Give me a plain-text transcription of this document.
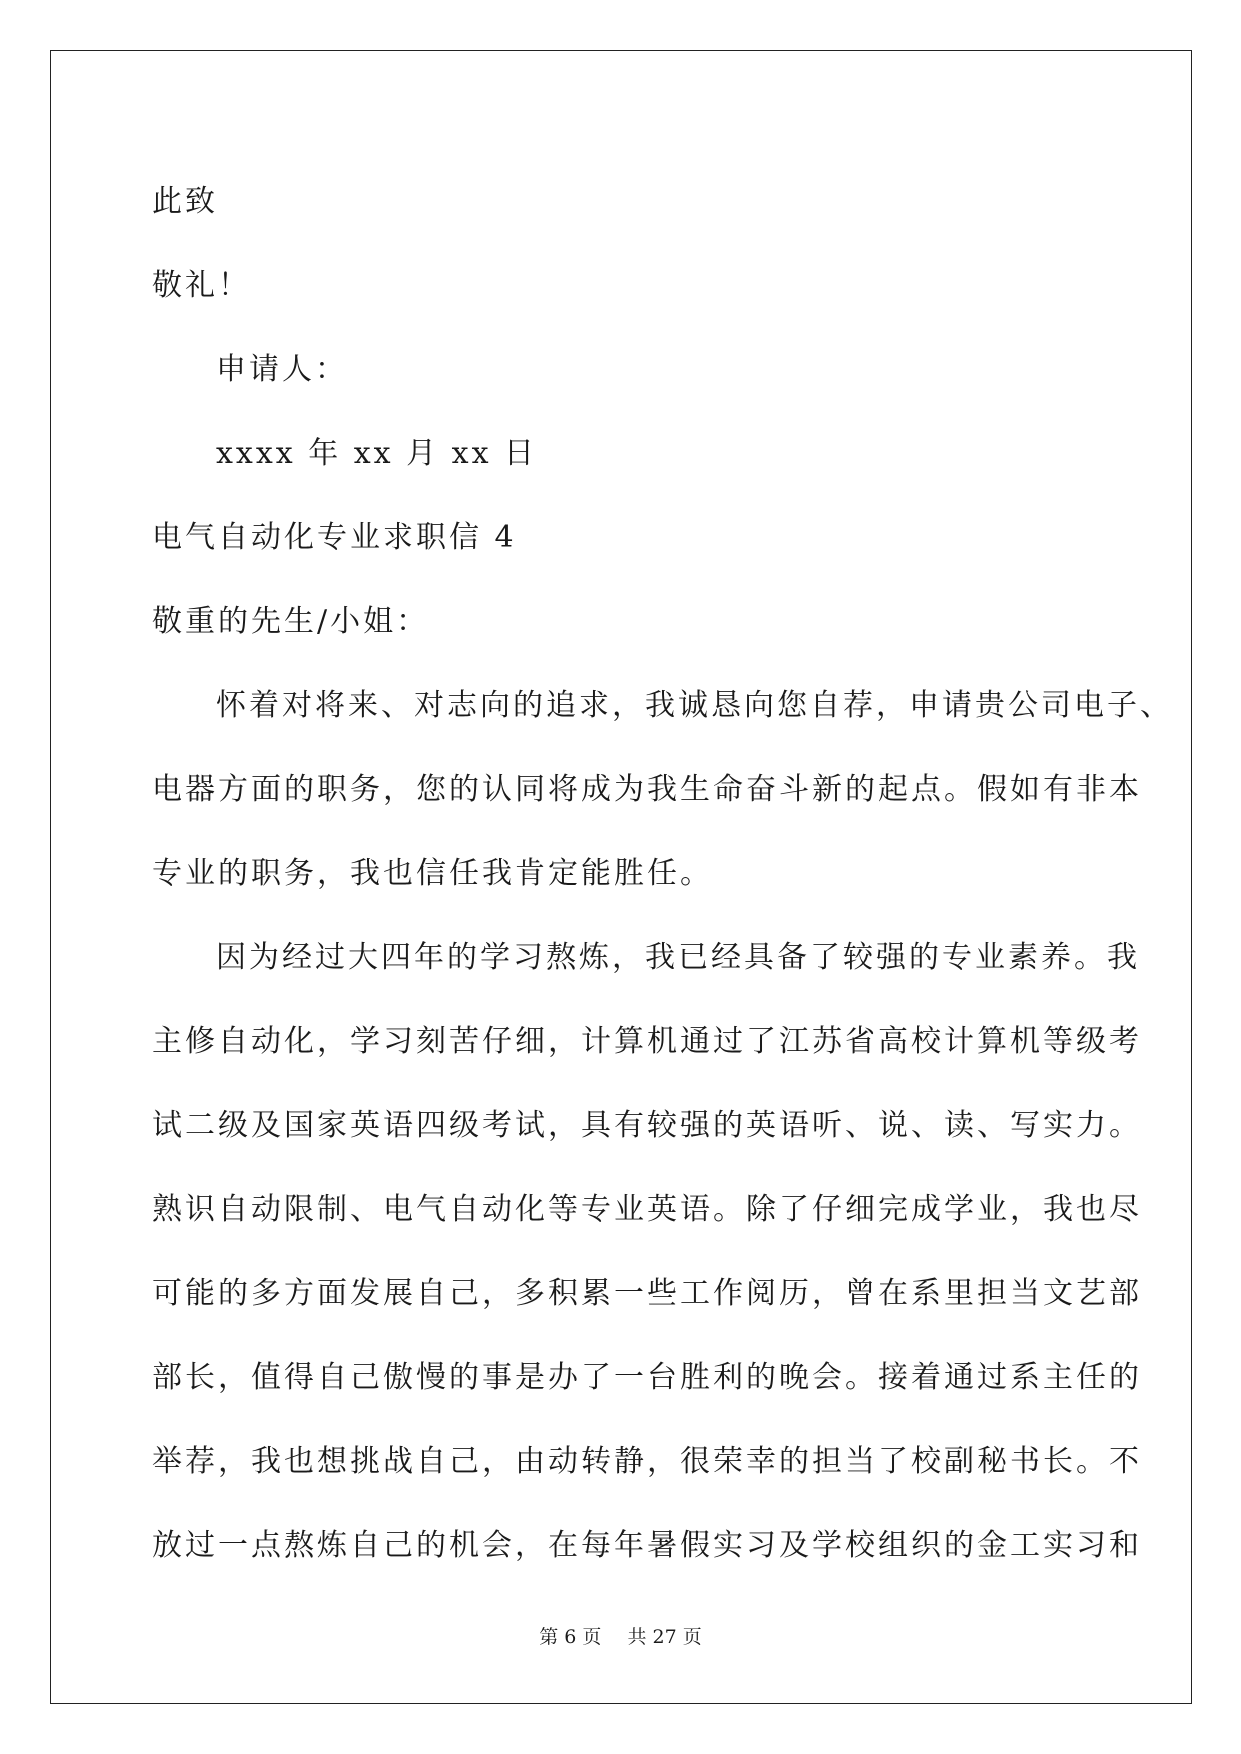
此致
敬礼！
申请人：
xxxx 年 xx 月 xx 日
电气自动化专业求职信 4
敬重的先生/小姐：
怀着对将来、对志向的追求，我诚恳向您自荐，申请贵公司电子、
电器方面的职务，您的认同将成为我生命奋斗新的起点。假如有非本
专业的职务，我也信任我肯定能胜任。
因为经过大四年的学习熬炼，我已经具备了较强的专业素养。我
主修自动化，学习刻苦仔细，计算机通过了江苏省高校计算机等级考
试二级及国家英语四级考试，具有较强的英语听、说、读、写实力。
熟识自动限制、电气自动化等专业英语。除了仔细完成学业，我也尽
可能的多方面发展自己，多积累一些工作阅历，曾在系里担当文艺部
部长，值得自己傲慢的事是办了一台胜利的晚会。接着通过系主任的
举荐，我也想挑战自己，由动转静，很荣幸的担当了校副秘书长。不
放过一点熬炼自己的机会，在每年暑假实习及学校组织的金工实习和
第 6 页 共 27 页
